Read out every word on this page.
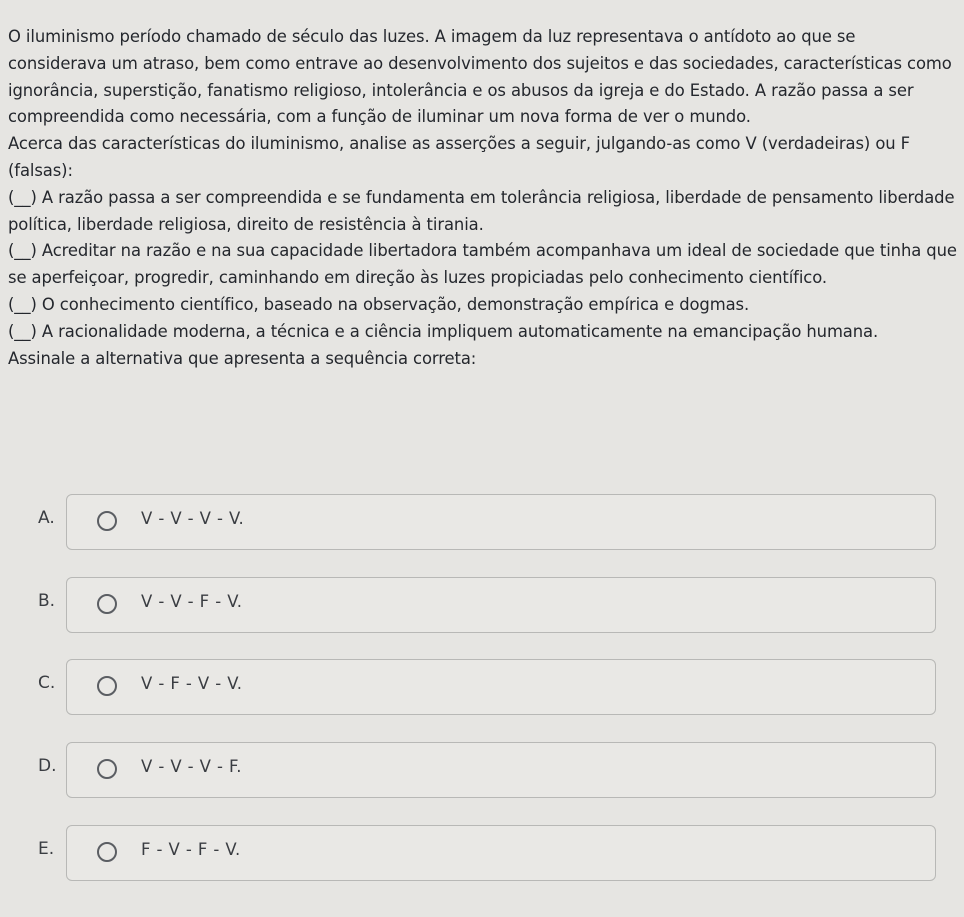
O iluminismo período chamado de século das luzes. A imagem da luz representava o antídoto ao que se considerava um atraso, bem como entrave ao desenvolvimento dos sujeitos e das sociedades, características como ignorância, superstição, fanatismo religioso, intolerância e os abusos da igreja e do Estado. A razão passa a ser compreendida como necessária, com a função de iluminar um nova forma de ver o mundo.

Acerca das características do iluminismo, analise as asserções a seguir, julgando-as como V (verdadeiras) ou F (falsas):

(__) A razão passa a ser compreendida e se fundamenta em tolerância religiosa, liberdade de pensamento liberdade política, liberdade religiosa, direito de resistência à tirania.

(__) Acreditar na razão e na sua capacidade libertadora também acompanhava um ideal de sociedade que tinha que se aperfeiçoar, progredir, caminhando em direção às luzes propiciadas pelo conhecimento científico.

(__) O conhecimento científico, baseado na observação, demonstração empírica e dogmas.

(__) A racionalidade moderna, a técnica e a ciência impliquem automaticamente na emancipação humana.

Assinale a alternativa que apresenta a sequência correta:

A.	V - V - V - V.
B.	V - V - F - V.
C.	V - F - V - V.
D.	V - V - V - F.
E.	F - V - F - V.
